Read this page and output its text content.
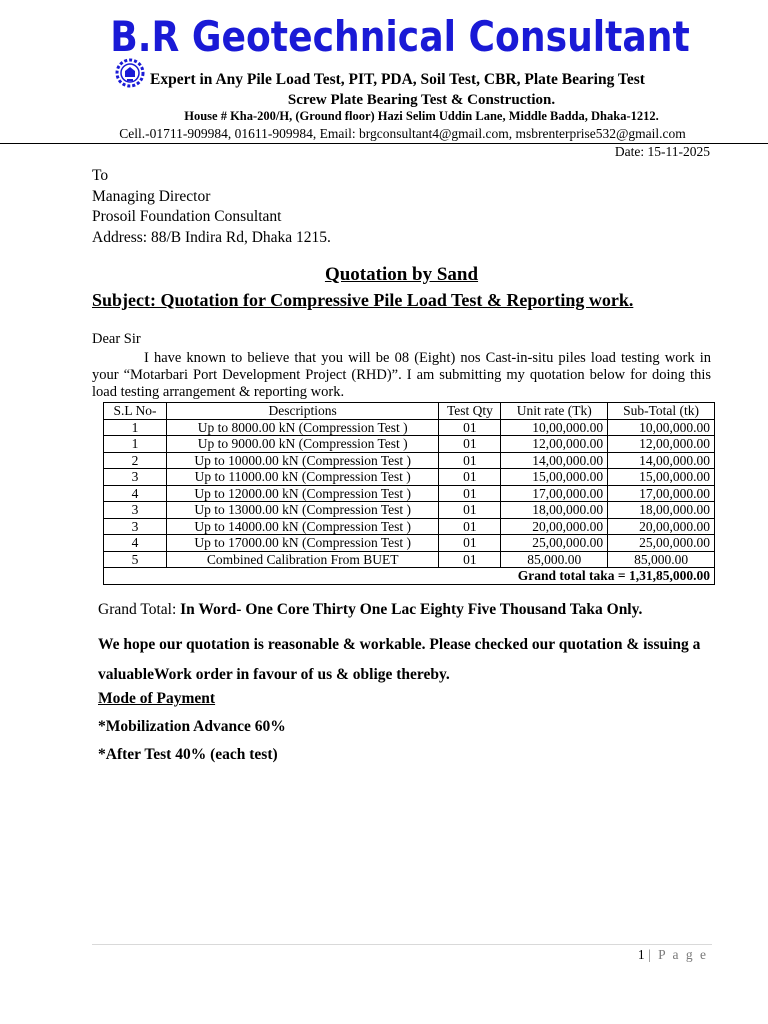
B.R Geotechnical Consultant
Expert in Any Pile Load Test, PIT, PDA, Soil Test, CBR, Plate Bearing Test
Screw Plate Bearing Test & Construction.
House # Kha-200/H, (Ground floor) Hazi Selim Uddin Lane, Middle Badda, Dhaka-1212.
Cell.-01711-909984, 01611-909984, Email: brgconsultant4@gmail.com, msbrenterprise532@gmail.com
Date: 15-11-2025
To
Managing Director
Prosoil Foundation Consultant
Address: 88/B Indira Rd, Dhaka 1215.
Quotation by Sand
Subject: Quotation for Compressive Pile Load Test & Reporting work.
Dear Sir
I have known to believe that you will be 08 (Eight) nos Cast-in-situ piles load testing work in your “Motarbari Port Development Project (RHD)”. I am submitting my quotation below for doing this load testing arrangement & reporting work.
S.L No-	Descriptions	Test Qty	Unit rate (Tk)	Sub-Total (tk)
1	Up to 8000.00 kN (Compression Test )	01	10,00,000.00	10,00,000.00
1	Up to 9000.00 kN (Compression Test )	01	12,00,000.00	12,00,000.00
2	Up to 10000.00 kN (Compression Test )	01	14,00,000.00	14,00,000.00
3	Up to 11000.00 kN (Compression Test )	01	15,00,000.00	15,00,000.00
4	Up to 12000.00 kN (Compression Test )	01	17,00,000.00	17,00,000.00
3	Up to 13000.00 kN (Compression Test )	01	18,00,000.00	18,00,000.00
3	Up to 14000.00 kN (Compression Test )	01	20,00,000.00	20,00,000.00
4	Up to 17000.00 kN (Compression Test )	01	25,00,000.00	25,00,000.00
5	Combined Calibration From BUET	01	85,000.00	85,000.00
Grand total taka = 1,31,85,000.00				
Grand Total: In Word- One Core Thirty One Lac Eighty Five Thousand Taka Only.
We hope our quotation is reasonable & workable. Please checked our quotation & issuing a valuableWork order in favour of us & oblige thereby.
Mode of Payment
*Mobilization Advance 60%
*After Test 40% (each test)
1 | P a g e
